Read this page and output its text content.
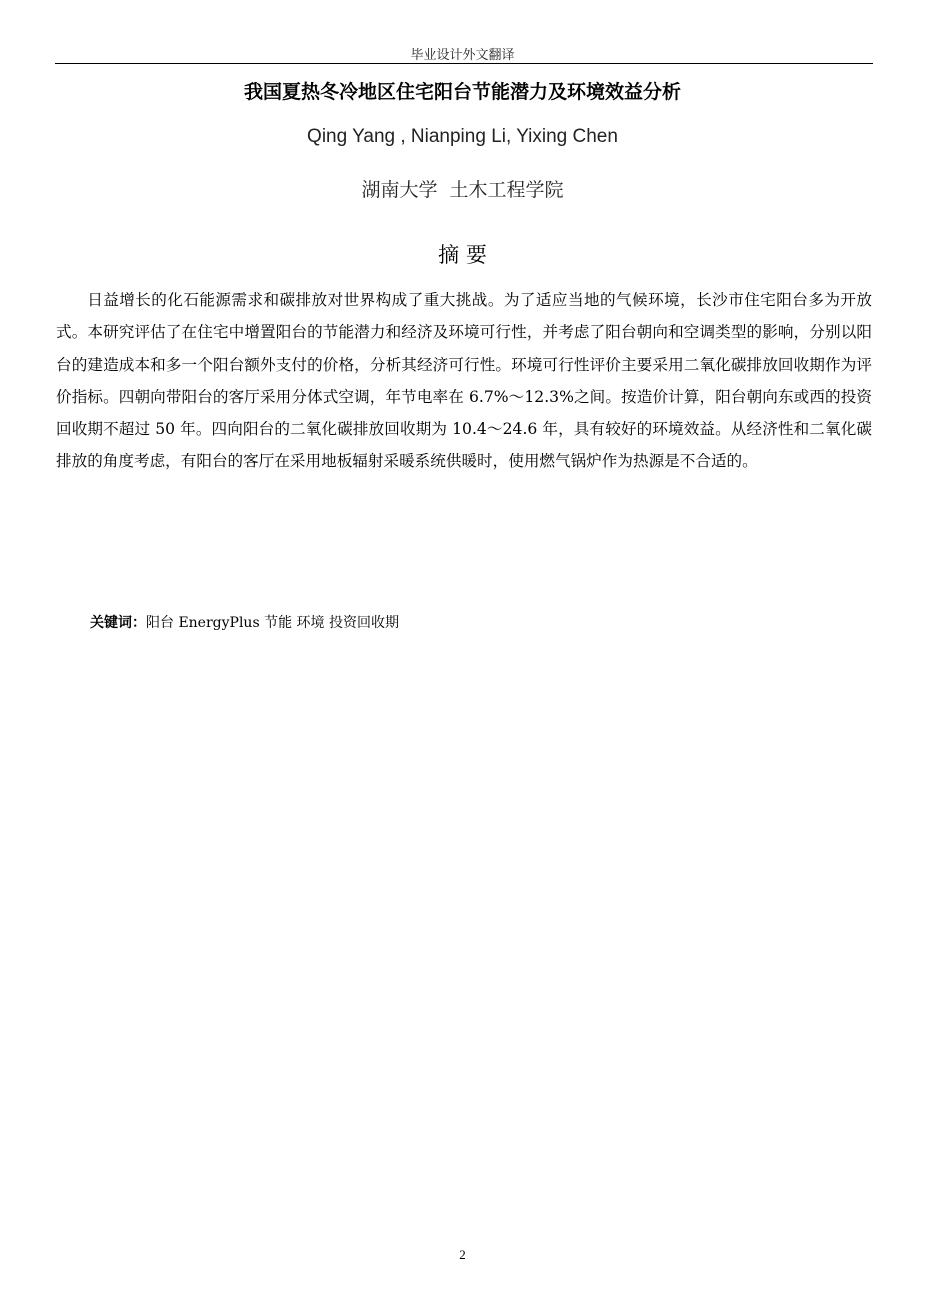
毕业设计外文翻译
我国夏热冬冷地区住宅阳台节能潜力及环境效益分析
Qing Yang , Nianping Li, Yixing Chen
湖南大学  土木工程学院
摘 要
日益增长的化石能源需求和碳排放对世界构成了重大挑战。为了适应当地的气候环境，长沙市住宅阳台多为开放式。本研究评估了在住宅中增置阳台的节能潜力和经济及环境可行性，并考虑了阳台朝向和空调类型的影响，分别以阳台的建造成本和多一个阳台额外支付的价格，分析其经济可行性。环境可行性评价主要采用二氧化碳排放回收期作为评价指标。四朝向带阳台的客厅采用分体式空调，年节电率在 6.7%～12.3%之间。按造价计算，阳台朝向东或西的投资回收期不超过 50 年。四向阳台的二氧化碳排放回收期为 10.4～24.6 年，具有较好的环境效益。从经济性和二氧化碳排放的角度考虑，有阳台的客厅在采用地板辐射采暖系统供暖时，使用燃气锅炉作为热源是不合适的。
关键词：阳台 EnergyPlus 节能 环境 投资回收期
2
